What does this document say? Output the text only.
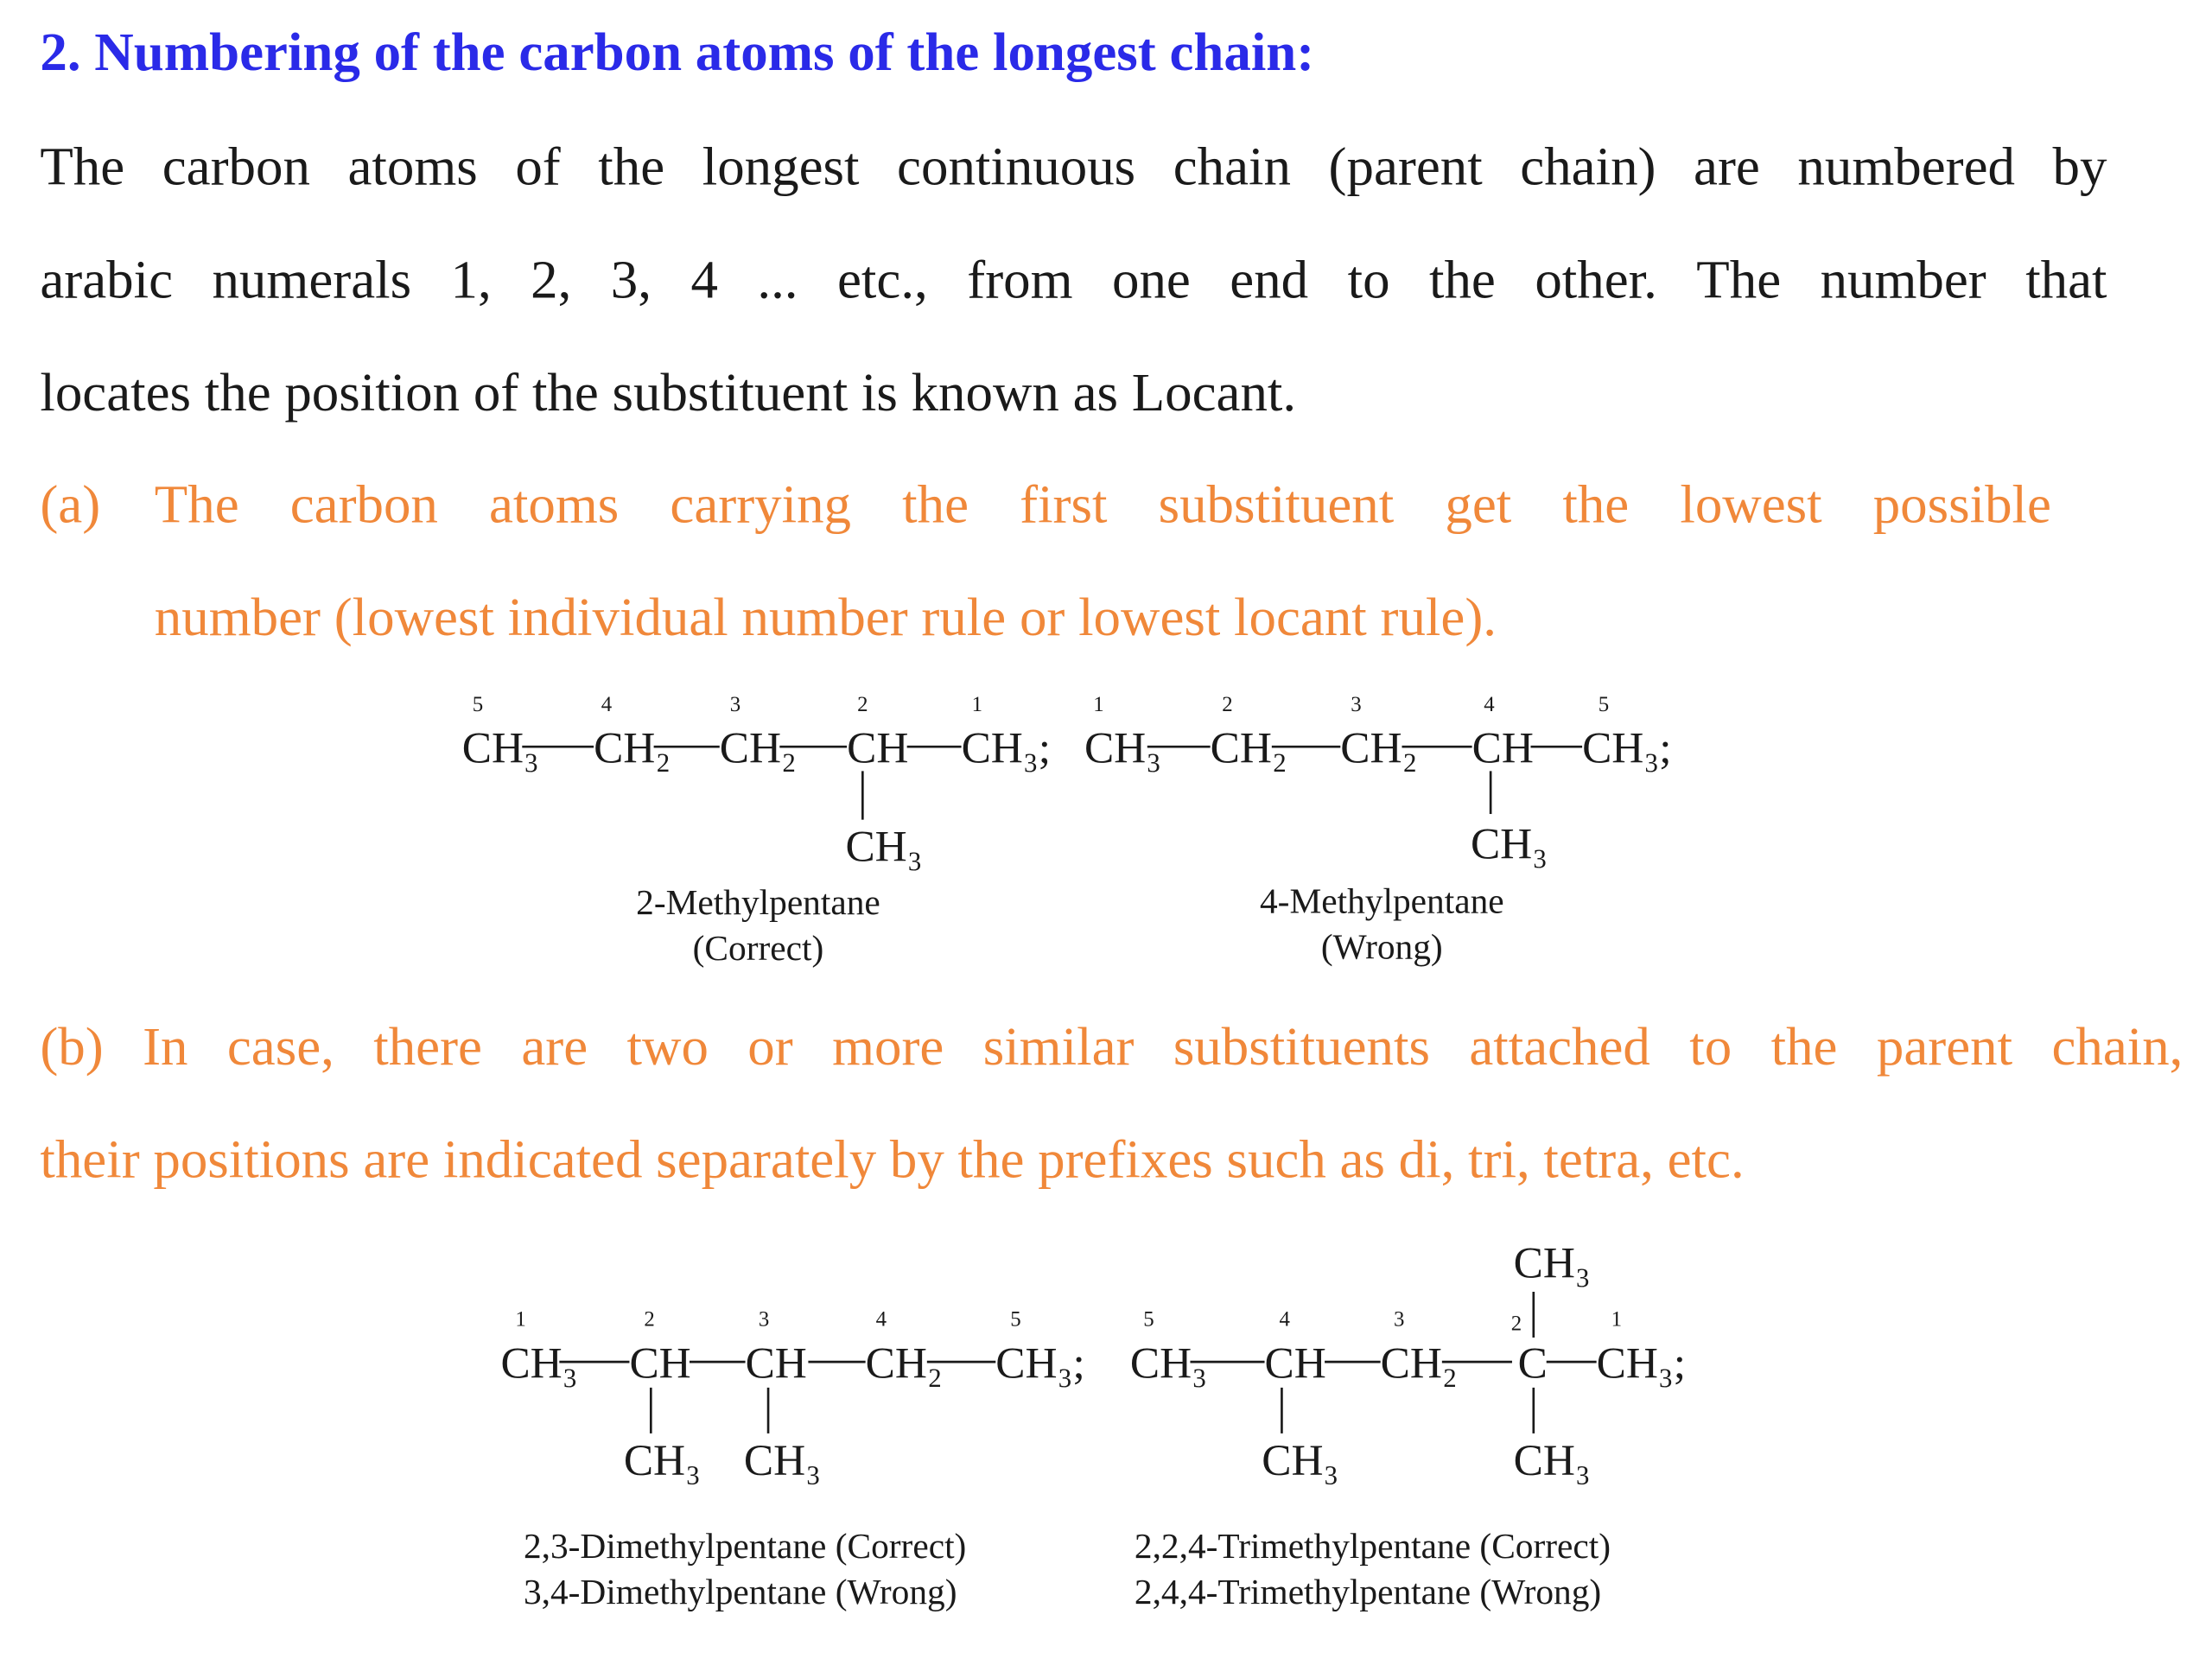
2. Numbering of the carbon atoms of the longest chain:
The carbon atoms of the longest continuous chain (parent chain) are numbered by
arabic numerals 1, 2, 3, 4 ... etc., from one end to the other. The number that
locates the position of the substituent is known as Locant.
(a) The carbon atoms carrying the first substituent get the lowest possible
number (lowest individual number rule or lowest locant rule).
(b) In case, there are two or more similar substituents attached to the parent chain,
their positions are indicated separately by the prefixes such as di, tri, tetra, etc.
5	4	3	2	1
CH₃ CH₂ CH₂ CH CH₃;
CH₃
2-Methylpentane
(Correct)
1	2	3	4	5
CH₃ CH₂ CH₂ CH CH₃;
CH₃
4-Methylpentane
(Wrong)
1	2	3	4	5
CH₃ CH CH CH₂ CH₃;
CH₃ CH₃
2,3-Dimethylpentane (Correct)
3,4-Dimethylpentane (Wrong)
CH₃
5	4	3	2	1
CH₃ CH CH₂ C CH₃;
CH₃	CH₃
2,2,4-Trimethylpentane (Correct)
2,4,4-Trimethylpentane (Wrong)
